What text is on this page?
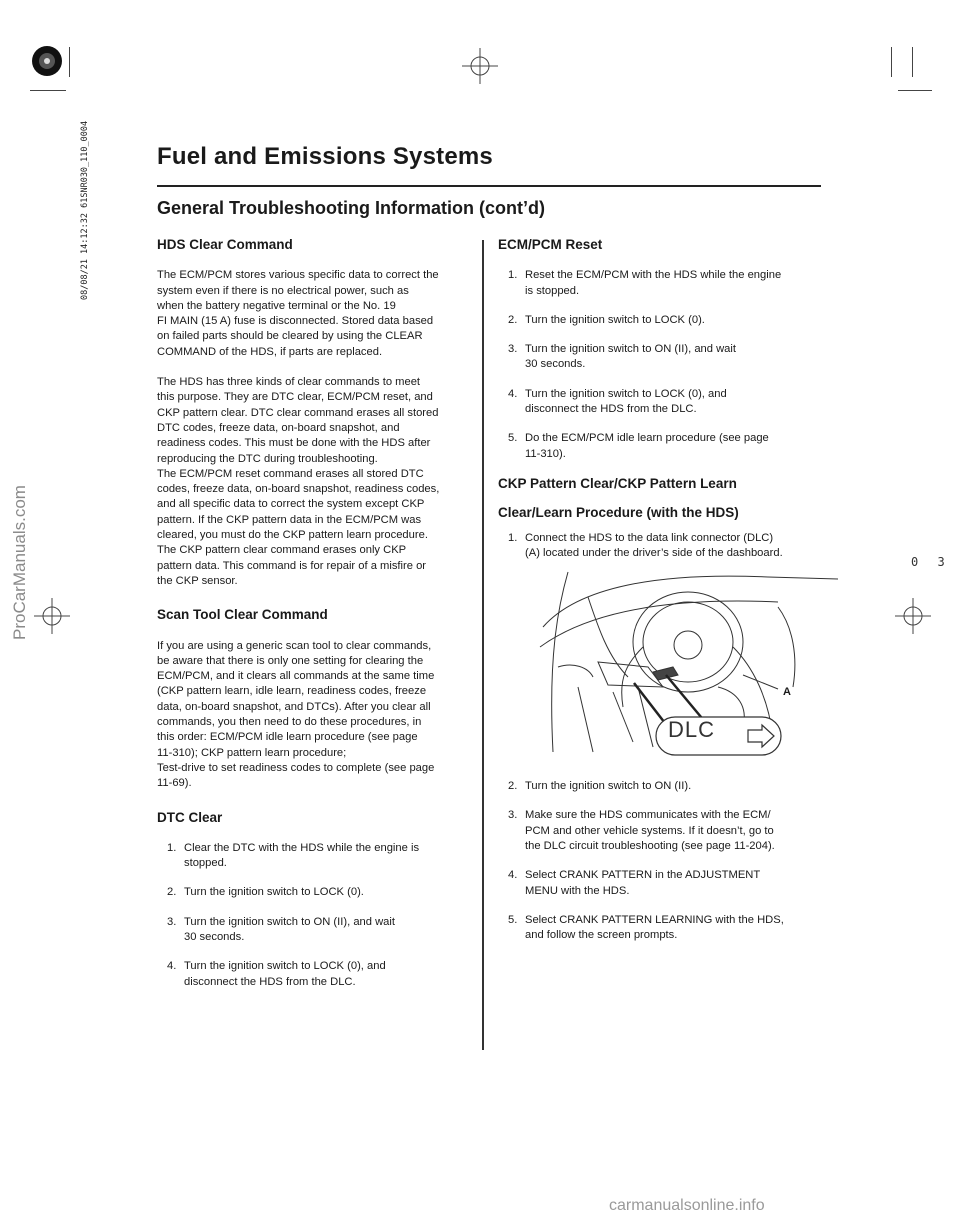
08/08/21 14:12:32 61SNR030_110_0004
0 3
Fuel and Emissions Systems
General Troubleshooting Information (cont’d)
HDS Clear Command

The ECM/PCM stores various specific data to correct the
system even if there is no electrical power, such as
when the battery negative terminal or the No. 19
FI MAIN (15 A) fuse is disconnected. Stored data based
on failed parts should be cleared by using the CLEAR
COMMAND of the HDS, if parts are replaced.

The HDS has three kinds of clear commands to meet
this purpose. They are DTC clear, ECM/PCM reset, and
CKP pattern clear. DTC clear command erases all stored
DTC codes, freeze data, on-board snapshot, and
readiness codes. This must be done with the HDS after
reproducing the DTC during troubleshooting.
The ECM/PCM reset command erases all stored DTC
codes, freeze data, on-board snapshot, readiness codes,
and all specific data to correct the system except CKP
pattern. If the CKP pattern data in the ECM/PCM was
cleared, you must do the CKP pattern learn procedure.
The CKP pattern clear command erases only CKP
pattern data. This command is for repair of a misfire or
the CKP sensor.

Scan Tool Clear Command

If you are using a generic scan tool to clear commands,
be aware that there is only one setting for clearing the
ECM/PCM, and it clears all commands at the same time
(CKP pattern learn, idle learn, readiness codes, freeze
data, on-board snapshot, and DTCs). After you clear all
commands, you then need to do these procedures, in
this order: ECM/PCM idle learn procedure (see page
11-310); CKP pattern learn procedure;
Test-drive to set readiness codes to complete (see page
11-69).

DTC Clear
1. Clear the DTC with the HDS while the engine is
stopped.
2. Turn the ignition switch to LOCK (0).
3. Turn the ignition switch to ON (II), and wait
30 seconds.
4. Turn the ignition switch to LOCK (0), and
disconnect the HDS from the DLC.
ECM/PCM Reset
1. Reset the ECM/PCM with the HDS while the engine
is stopped.
2. Turn the ignition switch to LOCK (0).
3. Turn the ignition switch to ON (II), and wait
30 seconds.
4. Turn the ignition switch to LOCK (0), and
disconnect the HDS from the DLC.
5. Do the ECM/PCM idle learn procedure (see page
11-310).
CKP Pattern Clear/CKP Pattern Learn
Clear/Learn Procedure (with the HDS)
1. Connect the HDS to the data link connector (DLC)
(A) located under the driver’s side of the dashboard.
A
DLC
2. Turn the ignition switch to ON (II).
3. Make sure the HDS communicates with the ECM/
PCM and other vehicle systems. If it doesn’t, go to
the DLC circuit troubleshooting (see page 11-204).
4. Select CRANK PATTERN in the ADJUSTMENT
MENU with the HDS.
5. Select CRANK PATTERN LEARNING with the HDS,
and follow the screen prompts.
ProCarManuals.com
carmanualsonline.info
